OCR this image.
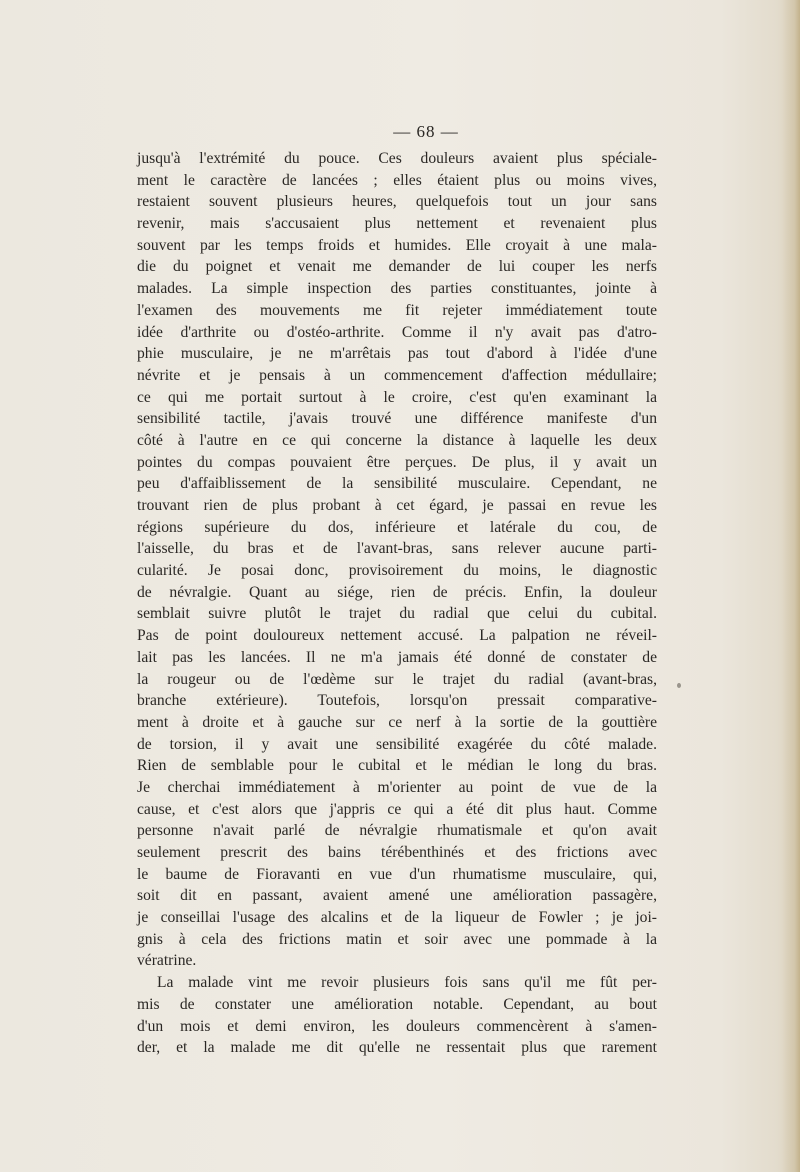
— 68 —
jusqu'à l'extrémité du pouce. Ces douleurs avaient plus spéciale-
ment le caractère de lancées ; elles étaient plus ou moins vives,
restaient souvent plusieurs heures, quelquefois tout un jour sans
revenir, mais s'accusaient plus nettement et revenaient plus
souvent par les temps froids et humides. Elle croyait à une mala-
die du poignet et venait me demander de lui couper les nerfs
malades. La simple inspection des parties constituantes, jointe à
l'examen des mouvements me fit rejeter immédiatement toute
idée d'arthrite ou d'ostéo-arthrite. Comme il n'y avait pas d'atro-
phie musculaire, je ne m'arrêtais pas tout d'abord à l'idée d'une
névrite et je pensais à un commencement d'affection médullaire;
ce qui me portait surtout à le croire, c'est qu'en examinant la
sensibilité tactile, j'avais trouvé une différence manifeste d'un
côté à l'autre en ce qui concerne la distance à laquelle les deux
pointes du compas pouvaient être perçues. De plus, il y avait un
peu d'affaiblissement de la sensibilité musculaire. Cependant, ne
trouvant rien de plus probant à cet égard, je passai en revue les
régions supérieure du dos, inférieure et latérale du cou, de
l'aisselle, du bras et de l'avant-bras, sans relever aucune parti-
cularité. Je posai donc, provisoirement du moins, le diagnostic
de névralgie. Quant au siége, rien de précis. Enfin, la douleur
semblait suivre plutôt le trajet du radial que celui du cubital.
Pas de point douloureux nettement accusé. La palpation ne réveil-
lait pas les lancées. Il ne m'a jamais été donné de constater de
la rougeur ou de l'œdème sur le trajet du radial (avant-bras,
branche extérieure). Toutefois, lorsqu'on pressait comparative-
ment à droite et à gauche sur ce nerf à la sortie de la gouttière
de torsion, il y avait une sensibilité exagérée du côté malade.
Rien de semblable pour le cubital et le médian le long du bras.
Je cherchai immédiatement à m'orienter au point de vue de la
cause, et c'est alors que j'appris ce qui a été dit plus haut. Comme
personne n'avait parlé de névralgie rhumatismale et qu'on avait
seulement prescrit des bains térébenthinés et des frictions avec
le baume de Fioravanti en vue d'un rhumatisme musculaire, qui,
soit dit en passant, avaient amené une amélioration passagère,
je conseillai l'usage des alcalins et de la liqueur de Fowler ; je joi-
gnis à cela des frictions matin et soir avec une pommade à la
vératrine.
La malade vint me revoir plusieurs fois sans qu'il me fût per-
mis de constater une amélioration notable. Cependant, au bout
d'un mois et demi environ, les douleurs commencèrent à s'amen-
der, et la malade me dit qu'elle ne ressentait plus que rarement
